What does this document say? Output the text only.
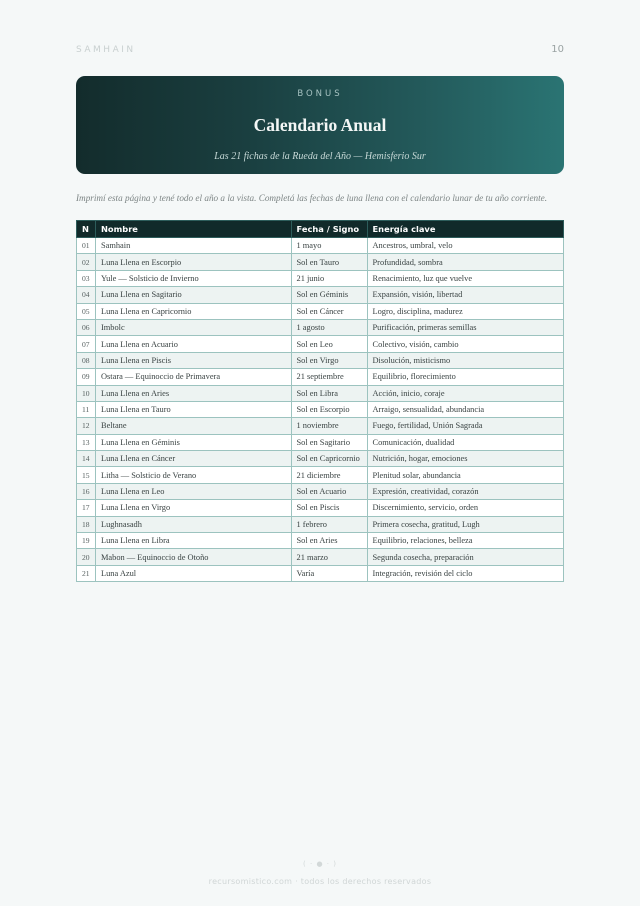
SAMHAIN	10
BONUS
Calendario Anual
Las 21 fichas de la Rueda del Año — Hemisferio Sur

Imprimí esta página y tené todo el año a la vista. Completá las fechas de luna llena con el calendario lunar de tu año corriente.

N	Nombre	Fecha / Signo	Energía clave
01	Samhain	1 mayo	Ancestros, umbral, velo
02	Luna Llena en Escorpio	Sol en Tauro	Profundidad, sombra
03	Yule — Solsticio de Invierno	21 junio	Renacimiento, luz que vuelve
04	Luna Llena en Sagitario	Sol en Géminis	Expansión, visión, libertad
05	Luna Llena en Capricornio	Sol en Cáncer	Logro, disciplina, madurez
06	Imbolc	1 agosto	Purificación, primeras semillas
07	Luna Llena en Acuario	Sol en Leo	Colectivo, visión, cambio
08	Luna Llena en Piscis	Sol en Virgo	Disolución, misticismo
09	Ostara — Equinoccio de Primavera	21 septiembre	Equilibrio, florecimiento
10	Luna Llena en Aries	Sol en Libra	Acción, inicio, coraje
11	Luna Llena en Tauro	Sol en Escorpio	Arraigo, sensualidad, abundancia
12	Beltane	1 noviembre	Fuego, fertilidad, Unión Sagrada
13	Luna Llena en Géminis	Sol en Sagitario	Comunicación, dualidad
14	Luna Llena en Cáncer	Sol en Capricornio	Nutrición, hogar, emociones
15	Litha — Solsticio de Verano	21 diciembre	Plenitud solar, abundancia
16	Luna Llena en Leo	Sol en Acuario	Expresión, creatividad, corazón
17	Luna Llena en Virgo	Sol en Piscis	Discernimiento, servicio, orden
18	Lughnasadh	1 febrero	Primera cosecha, gratitud, Lugh
19	Luna Llena en Libra	Sol en Aries	Equilibrio, relaciones, belleza
20	Mabon — Equinoccio de Otoño	21 marzo	Segunda cosecha, preparación
21	Luna Azul	Varía	Integración, revisión del ciclo
( · ● · )
recursomistico.com · todos los derechos reservados
